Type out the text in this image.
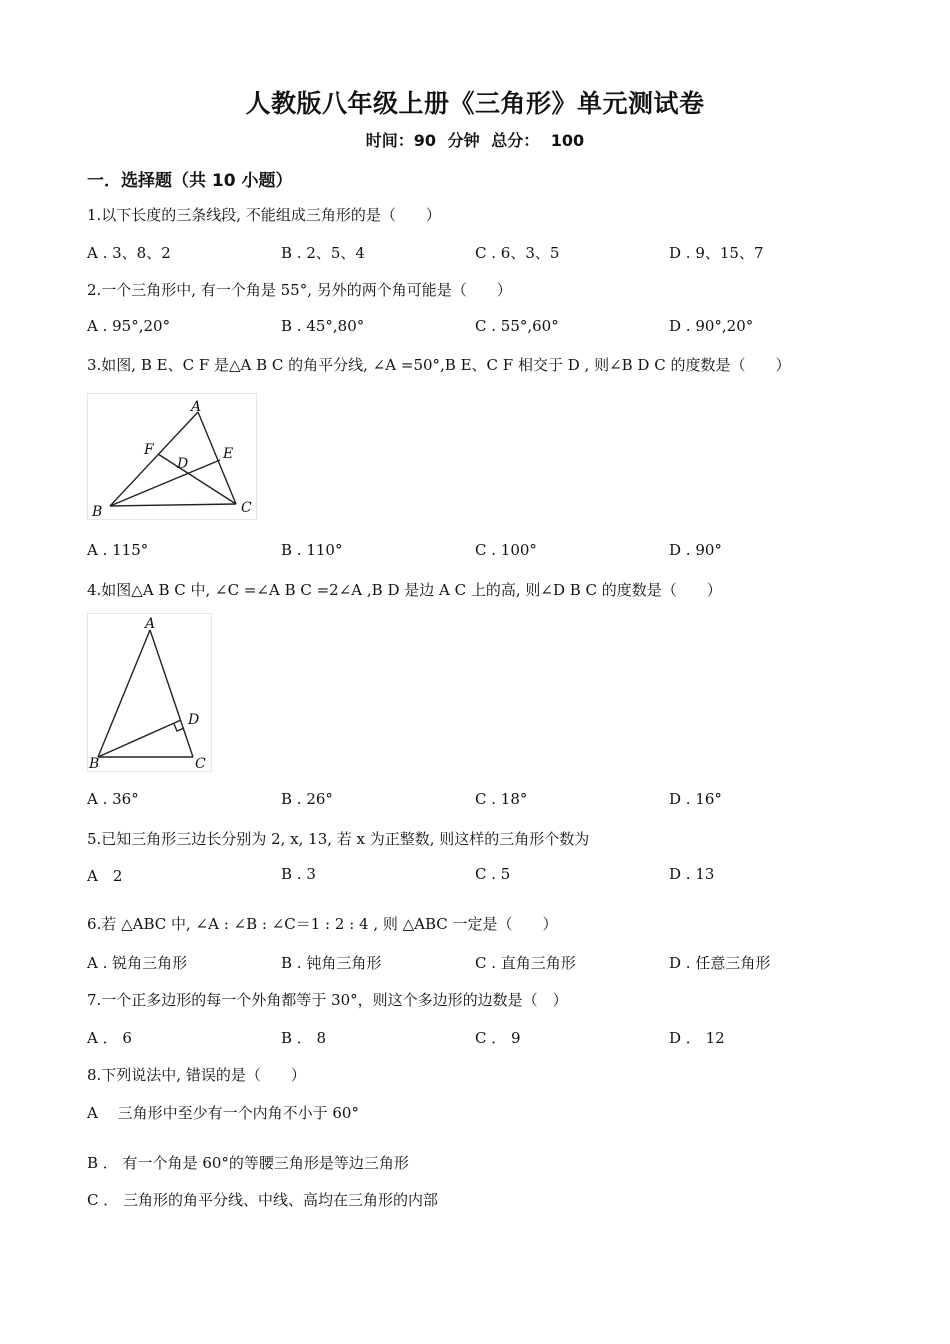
人教版八年级上册《三角形》单元测试卷
时间：90 分钟 总分： 100
一．选择题（共 10 小题）
1.以下长度的三条线段, 不能组成三角形的是（　　）
A . 3、8、2	B . 2、5、4	C . 6、3、5	D . 9、15、7
2.一个三角形中, 有一个角是 55°, 另外的两个角可能是（　　）
A . 95°,20°	B . 45°,80°	C . 55°,60°	D . 90°,20°
3.如图, B E、C F 是△A B C 的角平分线, ∠A =50°,B E、C F 相交于 D , 则∠B D C 的度数是（　　）
A
B	C
D
E
F
A . 115°	B . 110°	C . 100°	D . 90°
4.如图△A B C 中, ∠C =∠A B C =2∠A ,B D 是边 A C 上的高, 则∠D B C 的度数是（　　）
A
B	C
D
A . 36°	B . 26°	C . 18°	D . 16°
5.已知三角形三边长分别为 2, x, 13, 若 x 为正整数, 则这样的三角形个数为
A　2	B . 3	C . 5	D . 13
6.若 △ABC 中, ∠A : ∠B : ∠C＝1 : 2 : 4 , 则 △ABC 一定是（　　）
A . 锐角三角形	B . 钝角三角形	C . 直角三角形	D . 任意三角形
7.一个正多边形的每一个外角都等于 30°，则这个多边形的边数是（　）
A ． 6	B ． 8	C ． 9	D ． 12
8.下列说法中, 错误的是（　　）
A　 三角形中至少有一个内角不小于 60°
B ． 有一个角是 60°的等腰三角形是等边三角形
C ． 三角形的角平分线、中线、高均在三角形的内部
